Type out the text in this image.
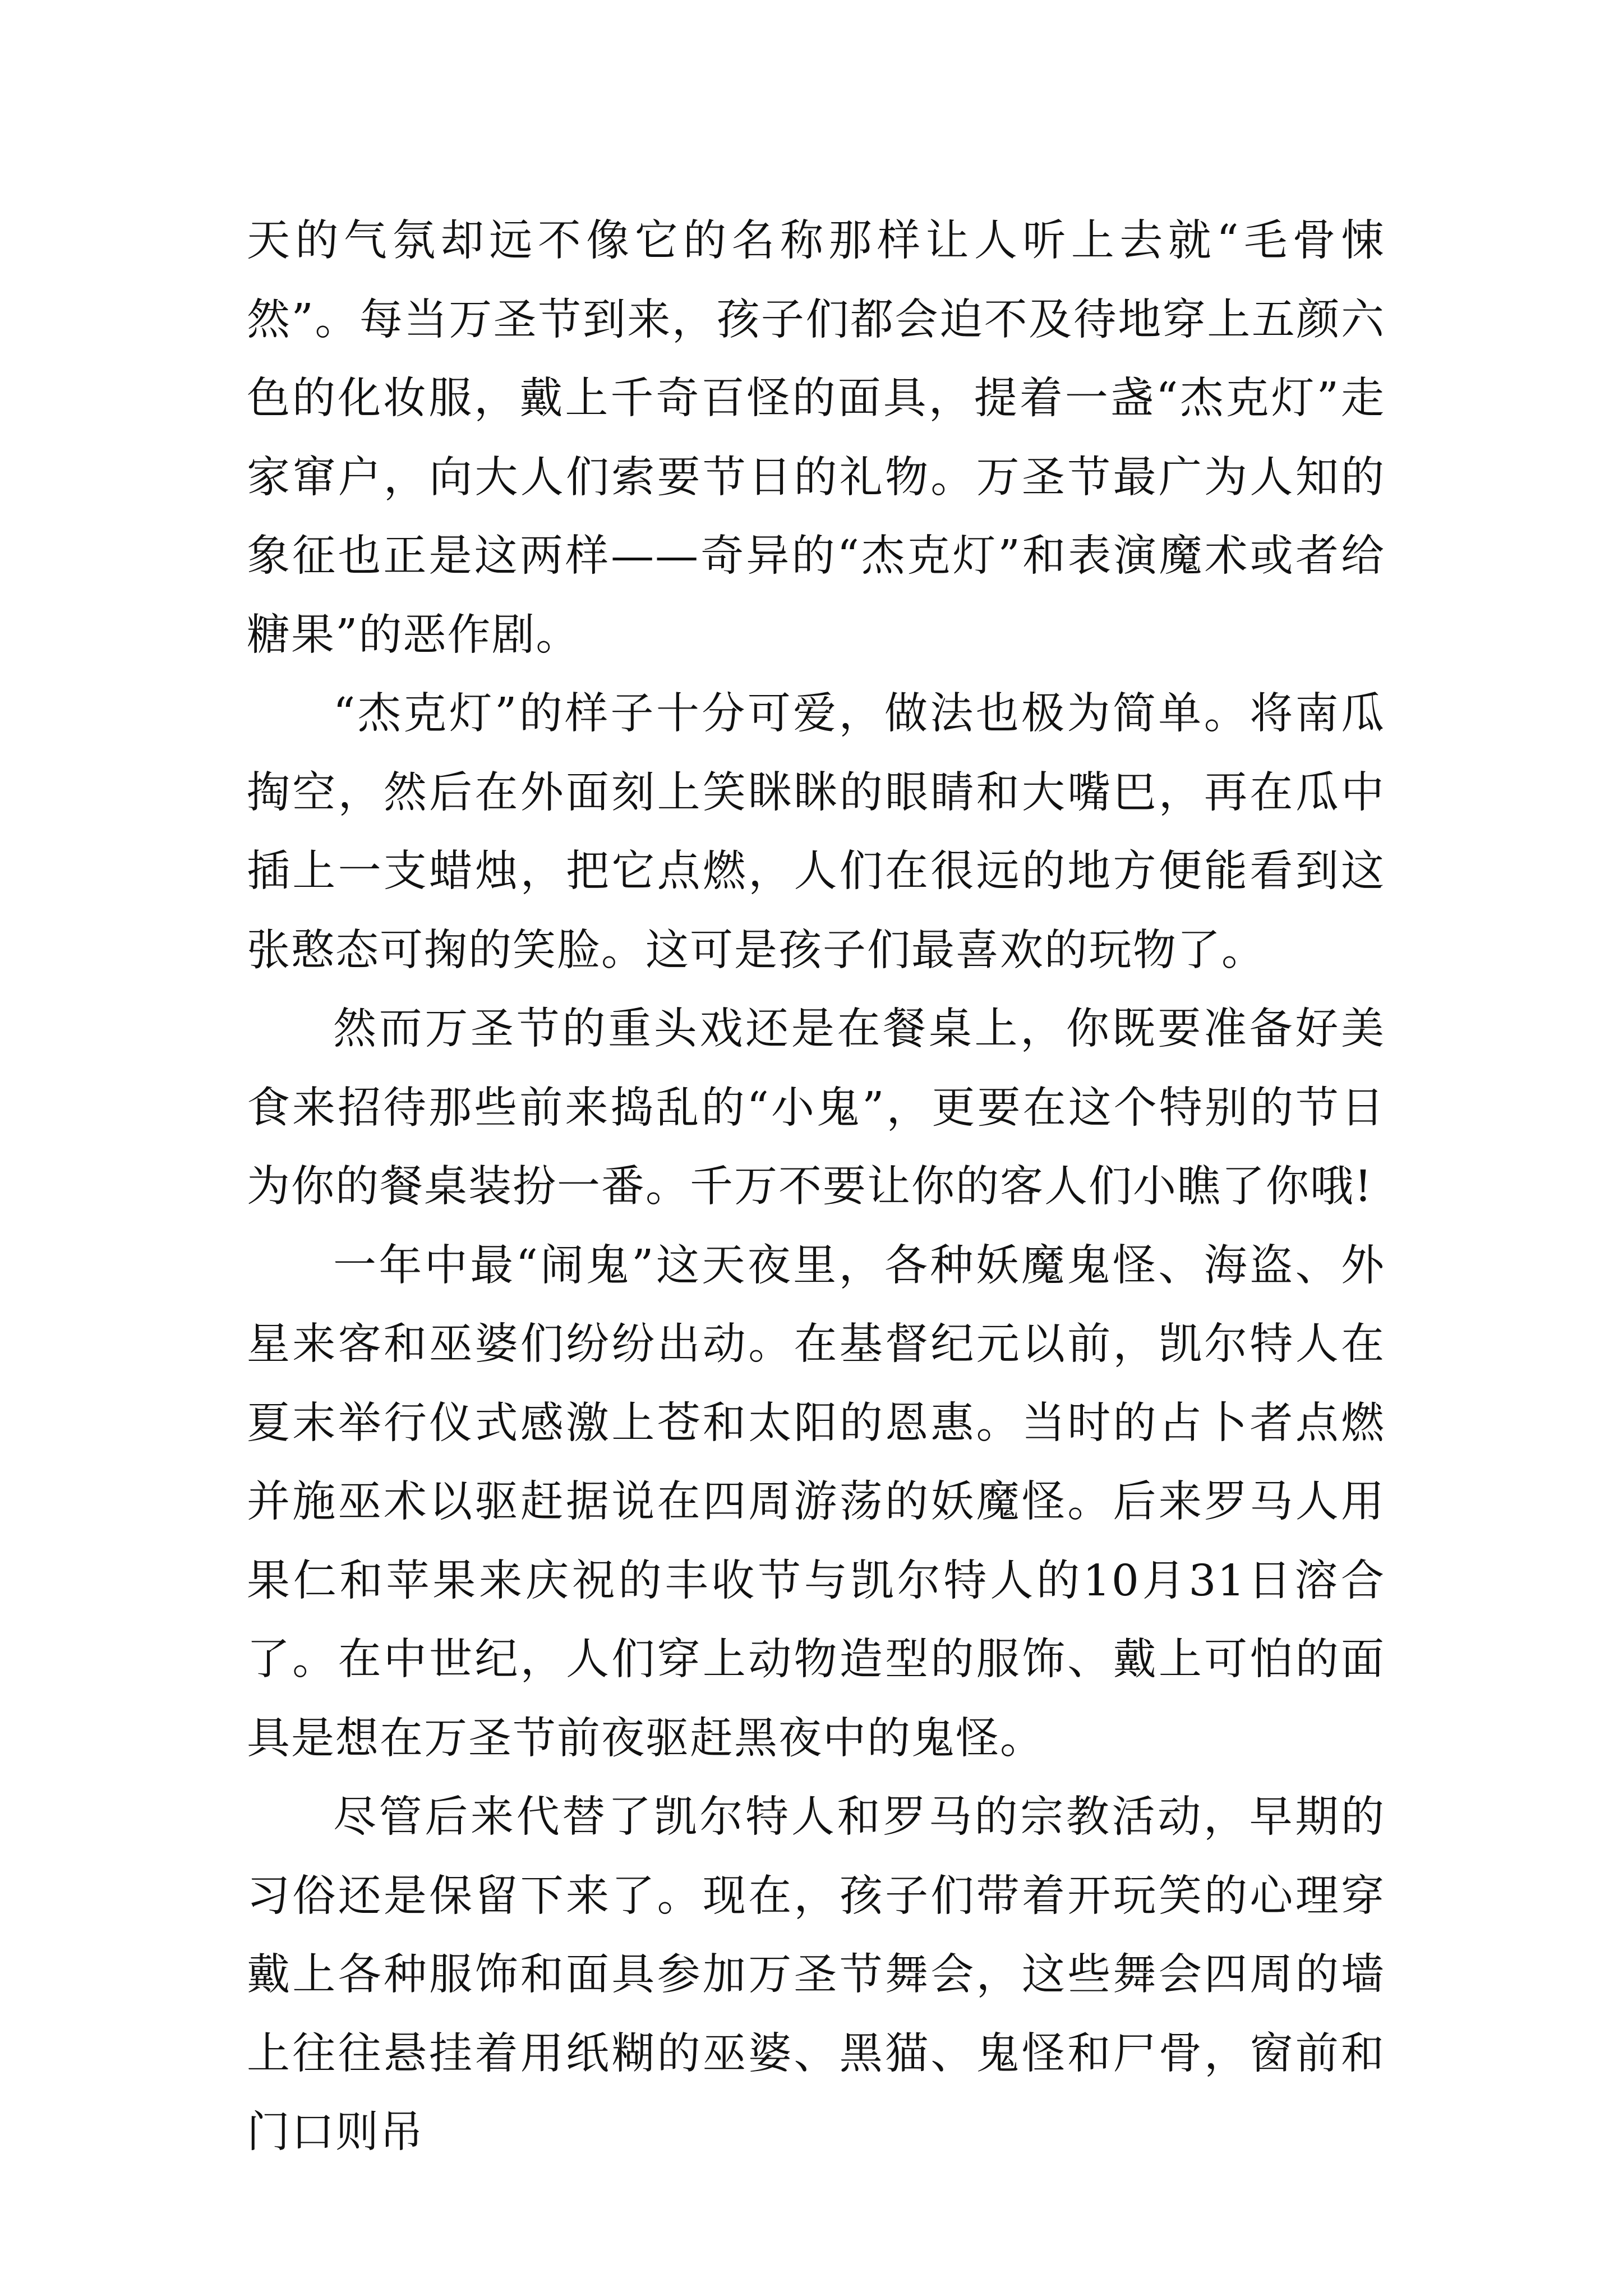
天的气氛却远不像它的名称那样让人听上去就“毛骨悚然”。每当万圣节到来，孩子们都会迫不及待地穿上五颜六色的化妆服，戴上千奇百怪的面具，提着一盏“杰克灯”走家窜户，向大人们索要节日的礼物。万圣节最广为人知的象征也正是这两样——奇异的“杰克灯”和表演魔术或者给糖果”的恶作剧。

“杰克灯”的样子十分可爱，做法也极为简单。将南瓜掏空，然后在外面刻上笑眯眯的眼睛和大嘴巴，再在瓜中插上一支蜡烛，把它点燃，人们在很远的地方便能看到这张憨态可掬的笑脸。这可是孩子们最喜欢的玩物了。

然而万圣节的重头戏还是在餐桌上，你既要准备好美食来招待那些前来捣乱的“小鬼”，更要在这个特别的节日为你的餐桌装扮一番。千万不要让你的客人们小瞧了你哦!

一年中最“闹鬼”这天夜里，各种妖魔鬼怪、海盗、外星来客和巫婆们纷纷出动。在基督纪元以前，凯尔特人在夏末举行仪式感激上苍和太阳的恩惠。当时的占卜者点燃并施巫术以驱赶据说在四周游荡的妖魔怪。后来罗马人用果仁和苹果来庆祝的丰收节与凯尔特人的10月31日溶合了。在中世纪，人们穿上动物造型的服饰、戴上可怕的面具是想在万圣节前夜驱赶黑夜中的鬼怪。

尽管后来代替了凯尔特人和罗马的宗教活动，早期的习俗还是保留下来了。现在，孩子们带着开玩笑的心理穿戴上各种服饰和面具参加万圣节舞会，这些舞会四周的墙上往往悬挂着用纸糊的巫婆、黑猫、鬼怪和尸骨，窗前和门口则吊
